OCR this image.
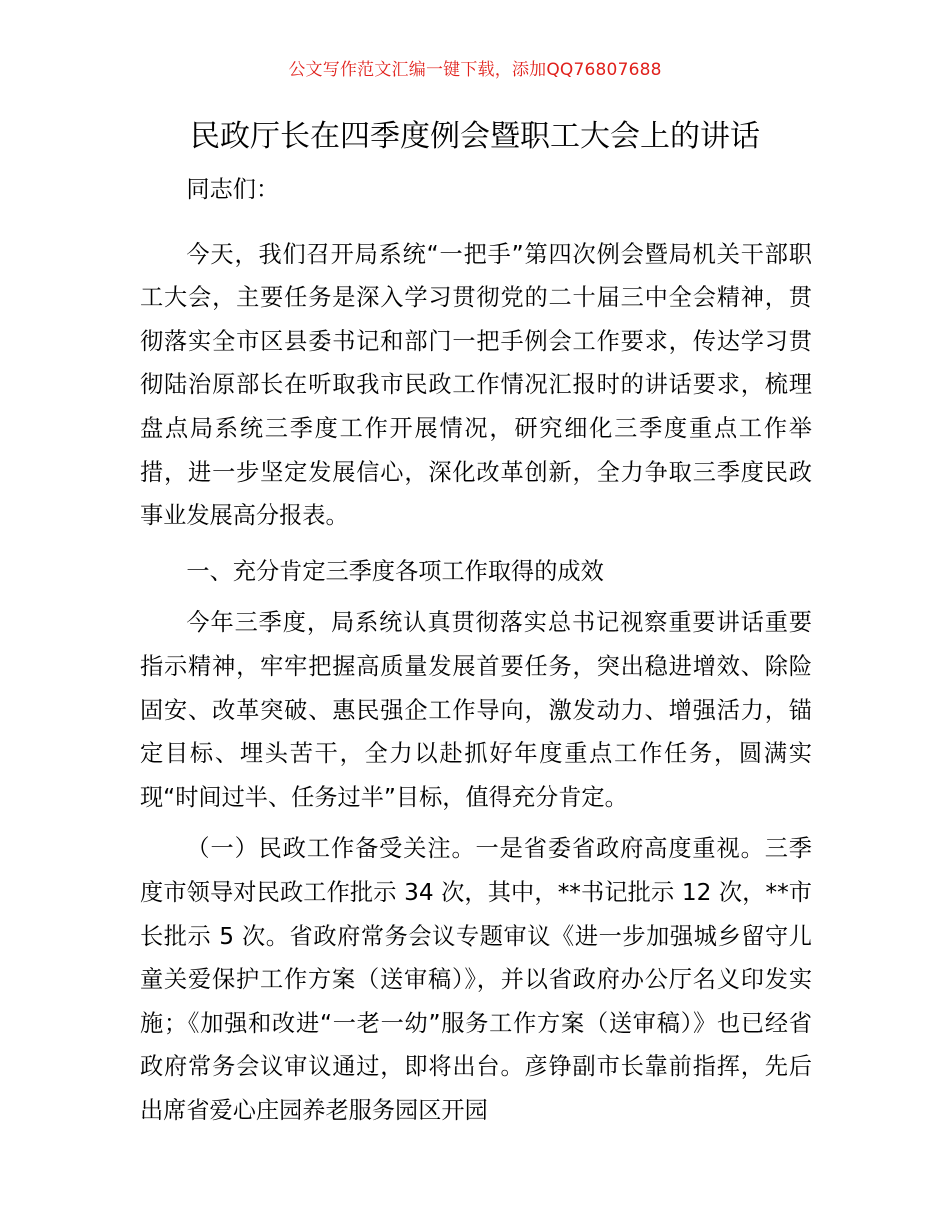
公文写作范文汇编一键下载，添加QQ76807688
民政厅长在四季度例会暨职工大会上的讲话

同志们：

今天，我们召开局系统“一把手”第四次例会暨局机关干部职工大会，主要任务是深入学习贯彻党的二十届三中全会精神，贯彻落实全市区县委书记和部门一把手例会工作要求，传达学习贯彻陆治原部长在听取我市民政工作情况汇报时的讲话要求，梳理盘点局系统三季度工作开展情况，研究细化三季度重点工作举措，进一步坚定发展信心，深化改革创新，全力争取三季度民政事业发展高分报表。

一、充分肯定三季度各项工作取得的成效

今年三季度，局系统认真贯彻落实总书记视察重要讲话重要指示精神，牢牢把握高质量发展首要任务，突出稳进增效、除险固安、改革突破、惠民强企工作导向，激发动力、增强活力，锚定目标、埋头苦干，全力以赴抓好年度重点工作任务，圆满实现“时间过半、任务过半”目标，值得充分肯定。

（一）民政工作备受关注。一是省委省政府高度重视。三季度市领导对民政工作批示 34 次，其中，**书记批示 12 次，**市长批示 5 次。省政府常务会议专题审议《进一步加强城乡留守儿童关爱保护工作方案（送审稿）》，并以省政府办公厅名义印发实施；《加强和改进“一老一幼”服务工作方案（送审稿）》也已经省政府常务会议审议通过，即将出台。彦铮副市长靠前指挥，先后出席省爱心庄园养老服务园区开园
